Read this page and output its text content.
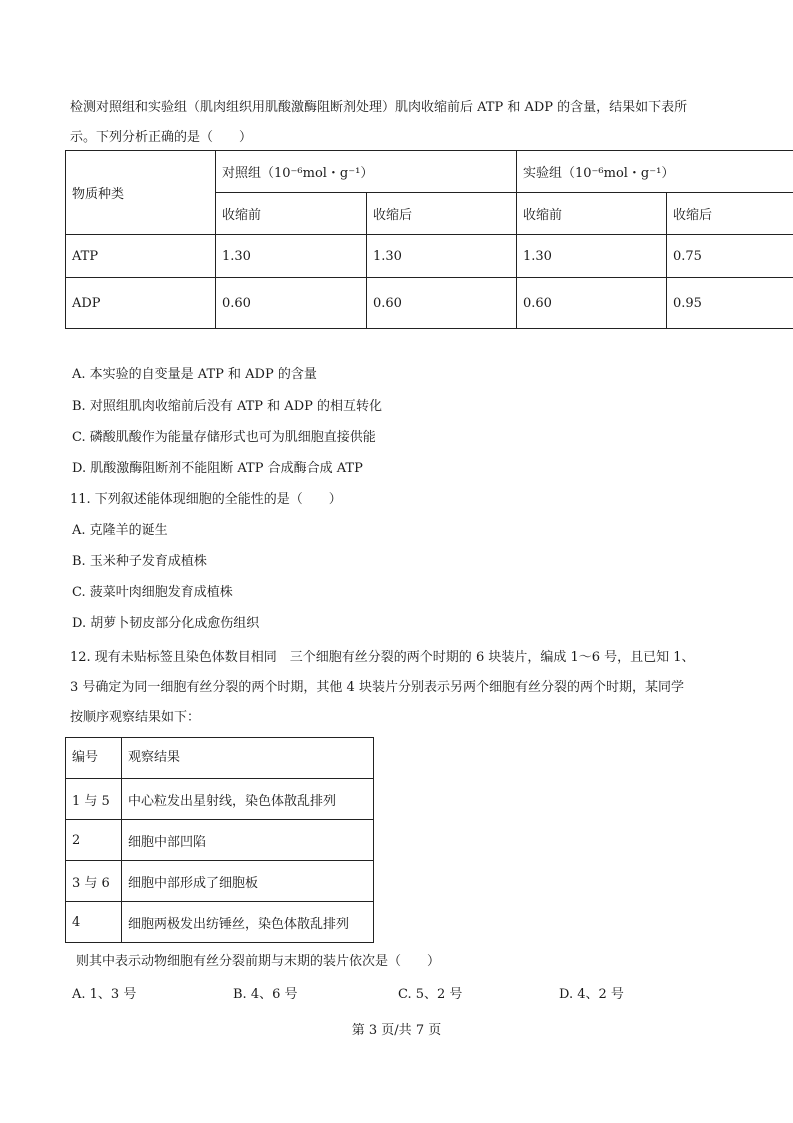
检测对照组和实验组（肌肉组织用肌酸激酶阻断剂处理）肌肉收缩前后 ATP 和 ADP 的含量，结果如下表所
示。下列分析正确的是（　　）
物质种类	对照组（10⁻⁶mol・g⁻¹）		实验组（10⁻⁶mol・g⁻¹）	
	收缩前	收缩后	收缩前	收缩后
ATP	1.30	1.30	1.30	0.75
ADP	0.60	0.60	0.60	0.95
A. 本实验的自变量是 ATP 和 ADP 的含量
B. 对照组肌肉收缩前后没有 ATP 和 ADP 的相互转化
C. 磷酸肌酸作为能量存储形式也可为肌细胞直接供能
D. 肌酸激酶阻断剂不能阻断 ATP 合成酶合成 ATP
11. 下列叙述能体现细胞的全能性的是（　　）
A. 克隆羊的诞生
B. 玉米种子发育成植株
C. 菠菜叶肉细胞发育成植株
D. 胡萝卜韧皮部分化成愈伤组织
12. 现有未贴标签且染色体数目相同　三个细胞有丝分裂的两个时期的 6 块装片，编成 1～6 号，且已知 1、
3 号确定为同一细胞有丝分裂的两个时期，其他 4 块装片分别表示另两个细胞有丝分裂的两个时期，某同学
按顺序观察结果如下：
编号	观察结果
1 与 5	中心粒发出星射线，染色体散乱排列
2	细胞中部凹陷
3 与 6	细胞中部形成了细胞板
4	细胞两极发出纺锤丝，染色体散乱排列
则其中表示动物细胞有丝分裂前期与末期的装片依次是（　　）
A. 1、3 号	B. 4、6 号	C. 5、2 号	D. 4、2 号
第 3 页/共 7 页
